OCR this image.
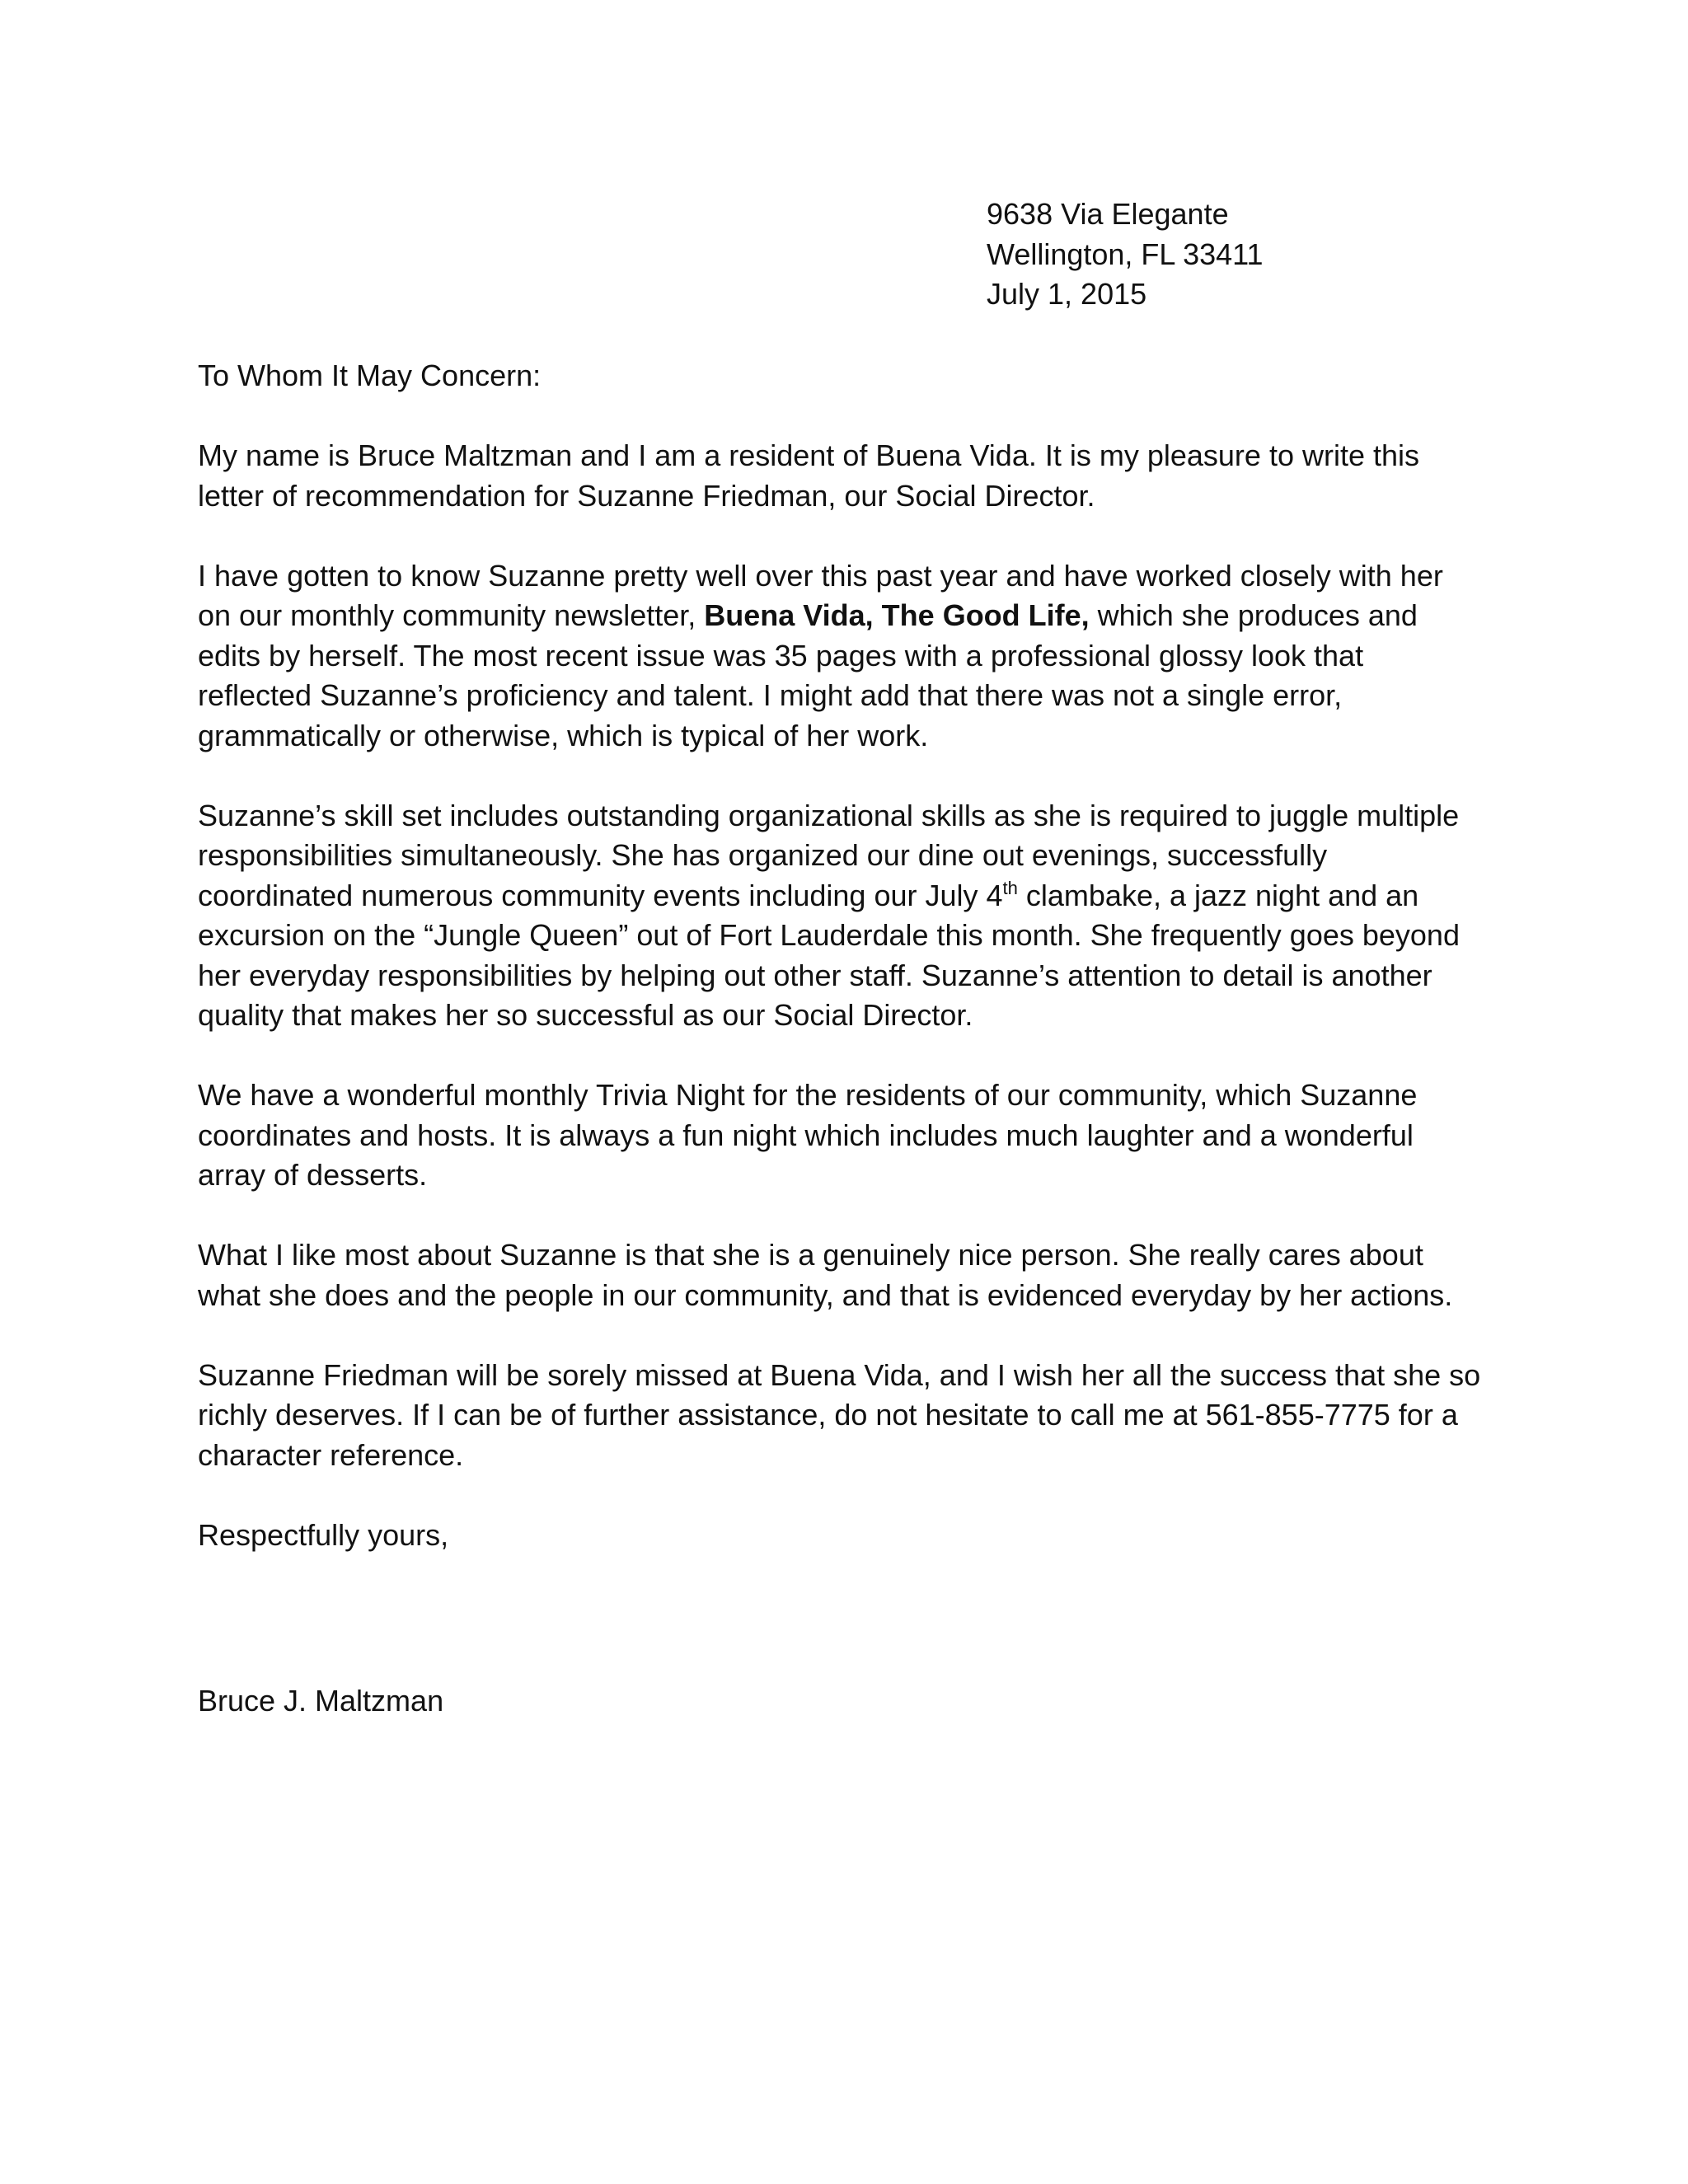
9638 Via Elegante
Wellington, FL 33411
July 1, 2015

To Whom It May Concern:

My name is Bruce Maltzman and I am a resident of Buena Vida. It is my pleasure to write this letter of recommendation for Suzanne Friedman, our Social Director.

I have gotten to know Suzanne pretty well over this past year and have worked closely with her on our monthly community newsletter, Buena Vida, The Good Life, which she produces and edits by herself. The most recent issue was 35 pages with a professional glossy look that reflected Suzanne’s proficiency and talent. I might add that there was not a single error, grammatically or otherwise, which is typical of her work.

Suzanne’s skill set includes outstanding organizational skills as she is required to juggle multiple responsibilities simultaneously. She has organized our dine out evenings, successfully coordinated numerous community events including our July 4th clambake, a jazz night and an excursion on the “Jungle Queen” out of Fort Lauderdale this month. She frequently goes beyond her everyday responsibilities by helping out other staff. Suzanne’s attention to detail is another quality that makes her so successful as our Social Director.

We have a wonderful monthly Trivia Night for the residents of our community, which Suzanne coordinates and hosts. It is always a fun night which includes much laughter and a wonderful array of desserts.

What I like most about Suzanne is that she is a genuinely nice person. She really cares about what she does and the people in our community, and that is evidenced everyday by her actions.

Suzanne Friedman will be sorely missed at Buena Vida, and I wish her all the success that she so richly deserves. If I can be of further assistance, do not hesitate to call me at 561-855-7775 for a character reference.

Respectfully yours,

Bruce J. Maltzman
